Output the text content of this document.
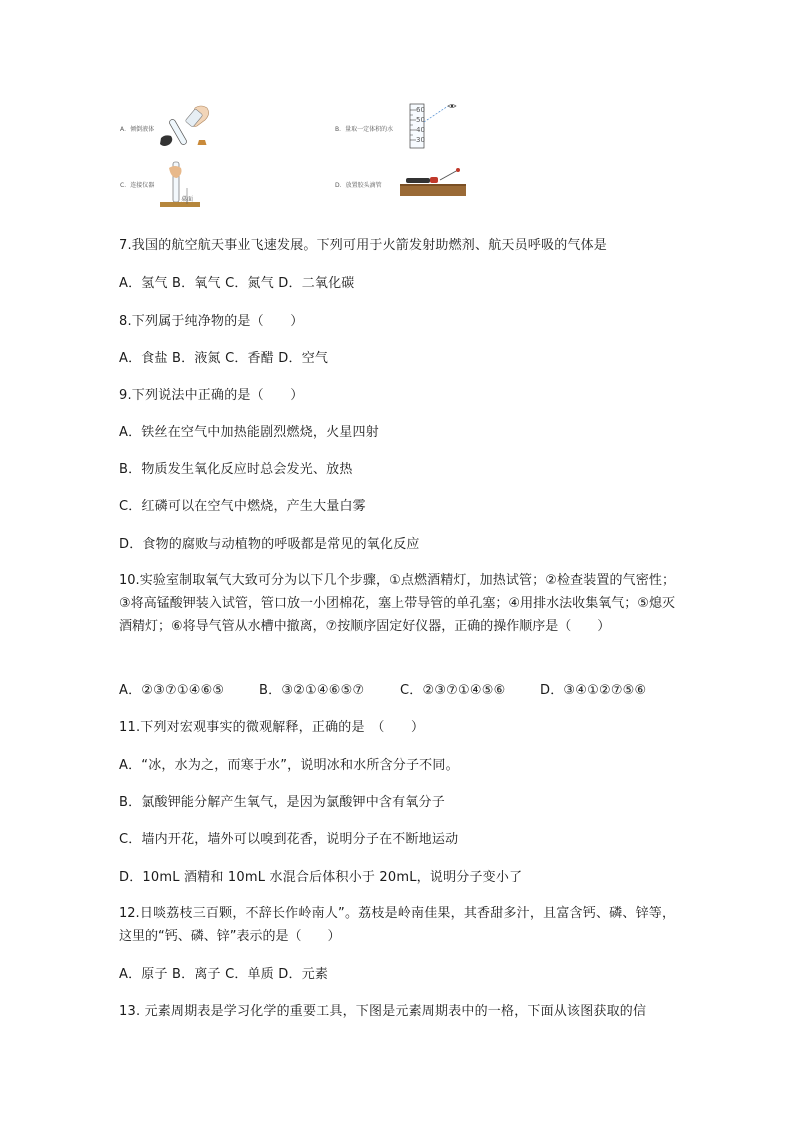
A．倾倒液体	B．量取一定体积的水
60
50
40
30
C．连接仪器
桌面
D．放置胶头滴管
7.我国的航空航天事业飞速发展。下列可用于火箭发射助燃剂、航天员呼吸的气体是
A．氢气 B．氧气 C．氮气 D．二氧化碳
8.下列属于纯净物的是（　　）
A．食盐 B．液氮 C．香醋 D．空气
9.下列说法中正确的是（　　）
A．铁丝在空气中加热能剧烈燃烧，火星四射
B．物质发生氧化反应时总会发光、放热
C．红磷可以在空气中燃烧，产生大量白雾
D．食物的腐败与动植物的呼吸都是常见的氧化反应
10.实验室制取氧气大致可分为以下几个步骤，①点燃酒精灯，加热试管；②检查装置的气密性；③将高锰酸钾装入试管，管口放一小团棉花，塞上带导管的单孔塞；④用排水法收集氧气；⑤熄灭酒精灯；⑥将导气管从水槽中撤离，⑦按顺序固定好仪器，正确的操作顺序是（　　）
A．②③⑦①④⑥⑤	B．③②①④⑥⑤⑦	C．②③⑦①④⑤⑥	D．③④①②⑦⑤⑥
11.下列对宏观事实的微观解释，正确的是　（　　）
A．“冰，水为之，而寒于水”，说明冰和水所含分子不同。
B．氯酸钾能分解产生氧气，是因为氯酸钾中含有氧分子
C．墙内开花，墙外可以嗅到花香，说明分子在不断地运动
D．10mL 酒精和 10mL 水混合后体积小于 20mL，说明分子变小了
12.日啖荔枝三百颗，不辞长作岭南人”。荔枝是岭南佳果，其香甜多汁，且富含钙、磷、锌等，这里的“钙、磷、锌”表示的是（　　）
A．原子 B．离子 C．单质 D．元素
13. 元素周期表是学习化学的重要工具，下图是元素周期表中的一格，下面从该图获取的信
